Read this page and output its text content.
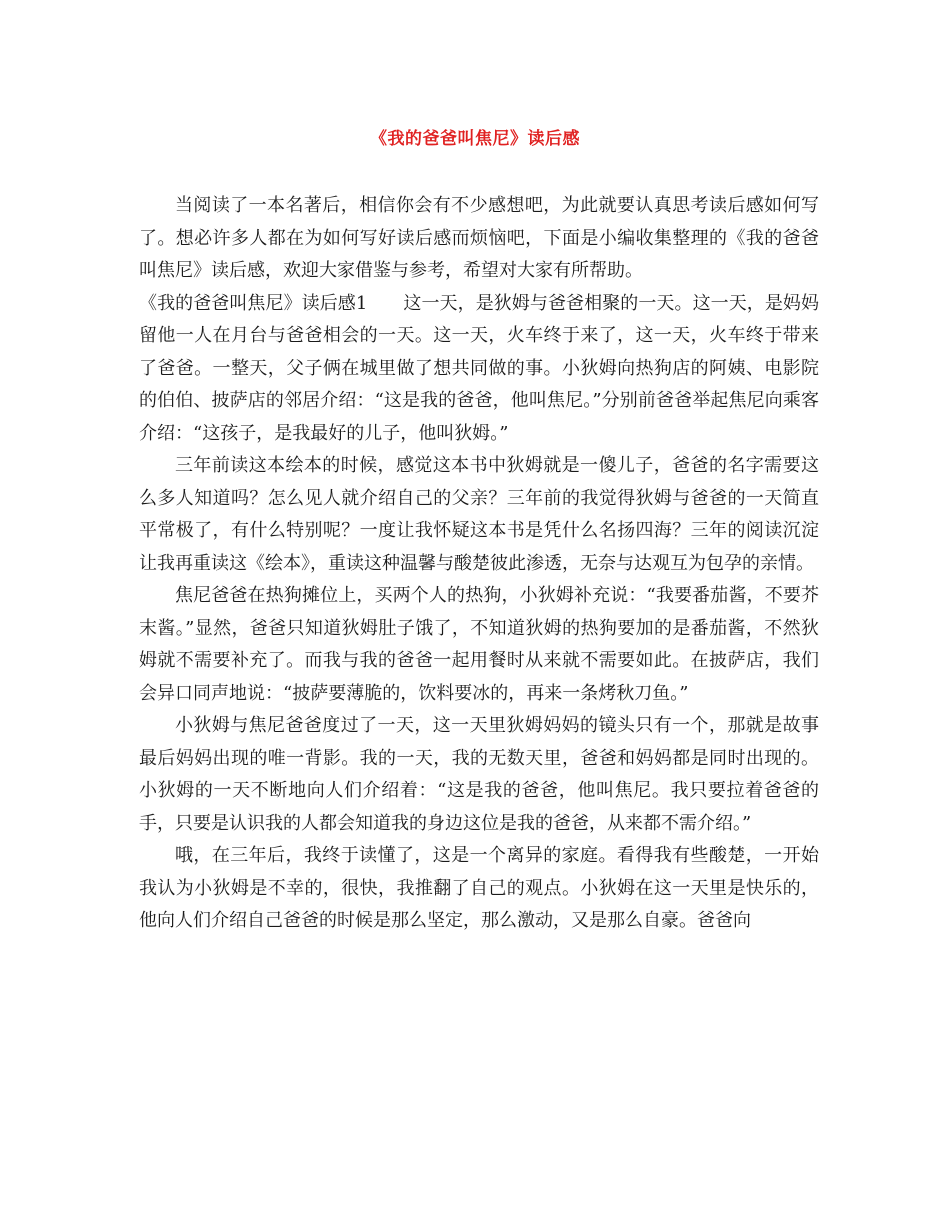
《我的爸爸叫焦尼》读后感

当阅读了一本名著后，相信你会有不少感想吧，为此就要认真思考读后感如何写了。想必许多人都在为如何写好读后感而烦恼吧，下面是小编收集整理的《我的爸爸叫焦尼》读后感，欢迎大家借鉴与参考，希望对大家有所帮助。

《我的爸爸叫焦尼》读后感1 这一天，是狄姆与爸爸相聚的一天。这一天，是妈妈留他一人在月台与爸爸相会的一天。这一天，火车终于来了，这一天，火车终于带来了爸爸。一整天，父子俩在城里做了想共同做的事。小狄姆向热狗店的阿姨、电影院的伯伯、披萨店的邻居介绍：“这是我的爸爸，他叫焦尼。”分别前爸爸举起焦尼向乘客介绍：“这孩子，是我最好的儿子，他叫狄姆。”

三年前读这本绘本的时候，感觉这本书中狄姆就是一傻儿子，爸爸的名字需要这么多人知道吗？怎么见人就介绍自己的父亲？三年前的我觉得狄姆与爸爸的一天简直平常极了，有什么特别呢？一度让我怀疑这本书是凭什么名扬四海？三年的阅读沉淀让我再重读这《绘本》，重读这种温馨与酸楚彼此渗透，无奈与达观互为包孕的亲情。

焦尼爸爸在热狗摊位上，买两个人的热狗，小狄姆补充说：“我要番茄酱，不要芥末酱。”显然，爸爸只知道狄姆肚子饿了，不知道狄姆的热狗要加的是番茄酱，不然狄姆就不需要补充了。而我与我的爸爸一起用餐时从来就不需要如此。在披萨店，我们会异口同声地说：“披萨要薄脆的，饮料要冰的，再来一条烤秋刀鱼。”

小狄姆与焦尼爸爸度过了一天，这一天里狄姆妈妈的镜头只有一个，那就是故事最后妈妈出现的唯一背影。我的一天，我的无数天里，爸爸和妈妈都是同时出现的。小狄姆的一天不断地向人们介绍着：“这是我的爸爸，他叫焦尼。我只要拉着爸爸的手，只要是认识我的人都会知道我的身边这位是我的爸爸，从来都不需介绍。”

哦，在三年后，我终于读懂了，这是一个离异的家庭。看得我有些酸楚，一开始我认为小狄姆是不幸的，很快，我推翻了自己的观点。小狄姆在这一天里是快乐的，他向人们介绍自己爸爸的时候是那么坚定，那么激动，又是那么自豪。爸爸向
